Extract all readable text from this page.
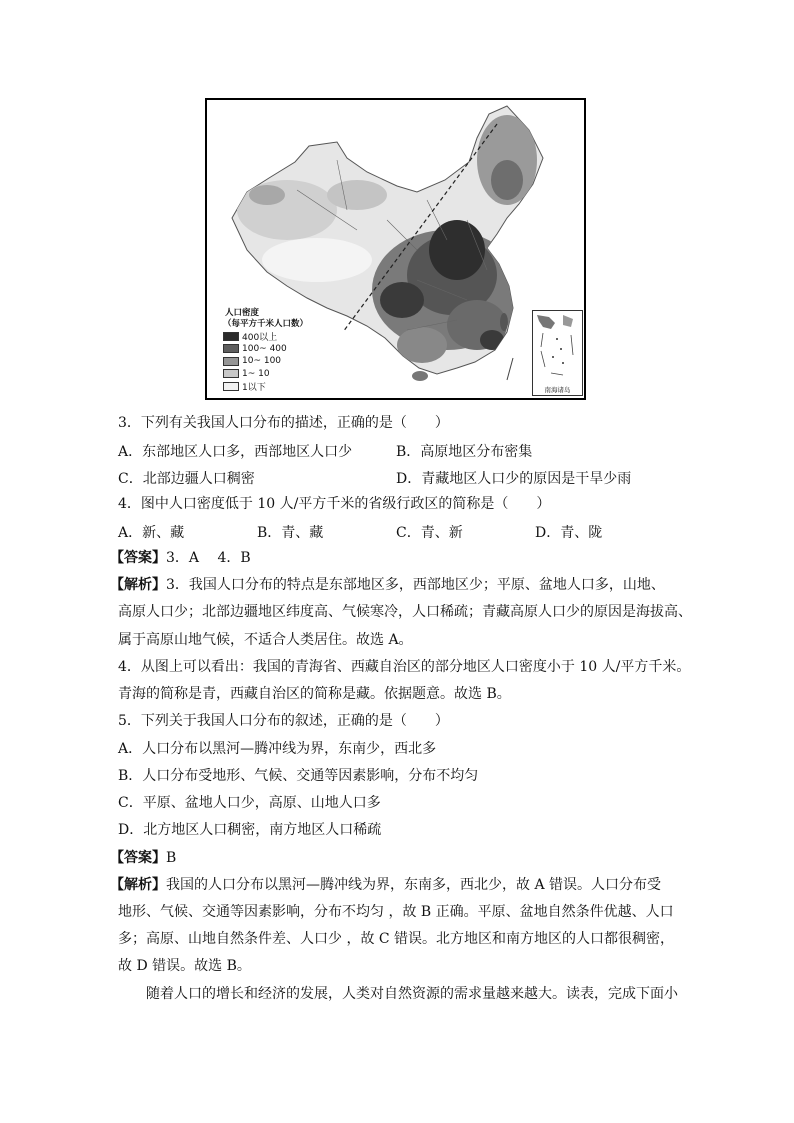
人口密度
（每平方千米人口数）
400以上
100~ 400
10~ 100
1~ 10
1以下	南海诸岛
3．下列有关我国人口分布的描述，正确的是（　　）
A．东部地区人口多，西部地区人口少	B．高原地区分布密集
C．北部边疆人口稠密	D．青藏地区人口少的原因是干旱少雨
4．图中人口密度低于 10 人/平方千米的省级行政区的简称是（　　）
A．新、藏	B．青、藏	C．青、新	D．青、陇
【答案】3．A　 4．B
【解析】3．我国人口分布的特点是东部地区多，西部地区少；平原、盆地人口多，山地、
高原人口少；北部边疆地区纬度高、气候寒冷，人口稀疏；青藏高原人口少的原因是海拔高、
属于高原山地气候，不适合人类居住。故选 A。
4．从图上可以看出：我国的青海省、西藏自治区的部分地区人口密度小于 10 人/平方千米。
青海的简称是青，西藏自治区的简称是藏。依据题意。故选 B。
5．下列关于我国人口分布的叙述，正确的是（　　）
A．人口分布以黑河—腾冲线为界，东南少，西北多
B．人口分布受地形、气候、交通等因素影响，分布不均匀
C．平原、盆地人口少，高原、山地人口多
D．北方地区人口稠密，南方地区人口稀疏
【答案】B
【解析】我国的人口分布以黑河—腾冲线为界，东南多，西北少，故 A 错误。人口分布受
地形、气候、交通等因素影响，分布不均匀 ，故 B 正确。平原、盆地自然条件优越、人口
多；高原、山地自然条件差、人口少 ，故 C 错误。北方地区和南方地区的人口都很稠密，
故 D 错误。故选 B。
随着人口的增长和经济的发展，人类对自然资源的需求量越来越大。读表，完成下面小
